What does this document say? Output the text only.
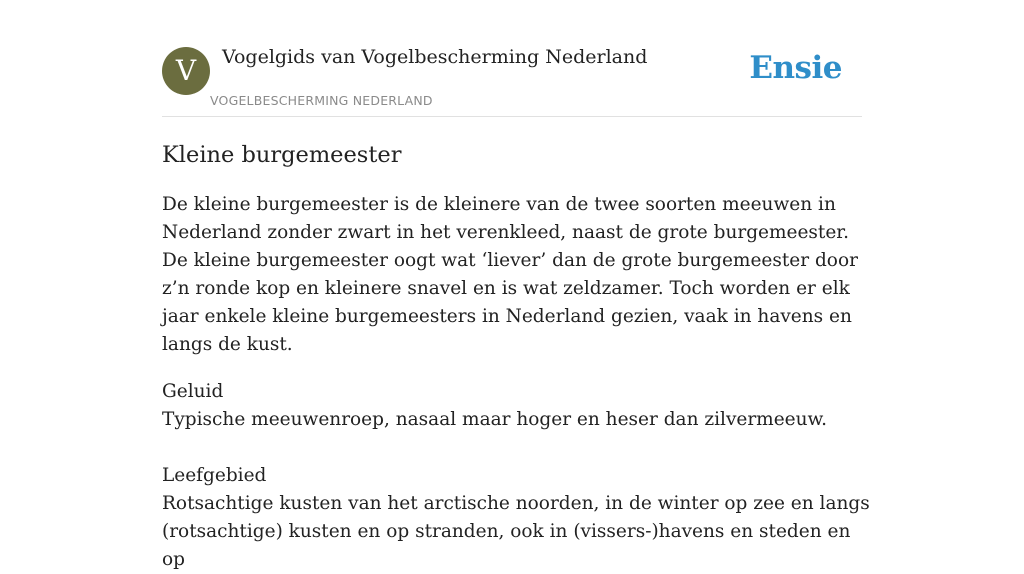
V	Vogelgids van Vogelbescherming Nederland
VOGELBESCHERMING NEDERLAND
Ensie
Kleine burgemeester

De kleine burgemeester is de kleinere van de twee soorten meeuwen in Nederland zonder zwart in het verenkleed, naast de grote burgemeester. De kleine burgemeester oogt wat ‘liever’ dan de grote burgemeester door z’n ronde kop en kleinere snavel en is wat zeldzamer. Toch worden er elk jaar enkele kleine burgemeesters in Nederland gezien, vaak in havens en langs de kust.

Geluid
Typische meeuwenroep, nasaal maar hoger en heser dan zilvermeeuw.
Leefgebied
Rotsachtige kusten van het arctische noorden, in de winter op zee en langs (rotsachtige) kusten en op stranden, ook in (vissers-)havens en steden en op
